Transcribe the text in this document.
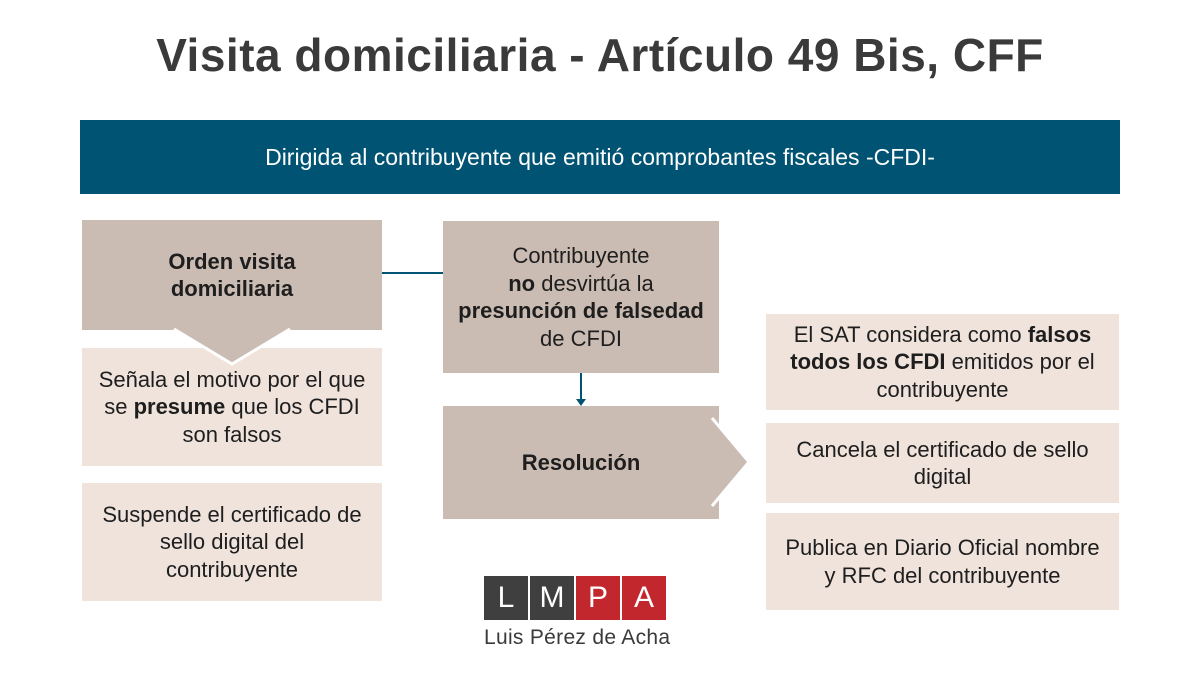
Visita domiciliaria - Artículo 49 Bis, CFF
Dirigida al contribuyente que emitió comprobantes fiscales -CFDI-
Orden visita domiciliaria
Señala el motivo por el que se presume que los CFDI son falsos
Suspende el certificado de sello digital del contribuyente
Contribuyente
no desvirtúa la
presunción de falsedad de CFDI
Resolución
El SAT considera como falsos todos los CFDI emitidos por el contribuyente
Cancela el certificado de sello digital
Publica en Diario Oficial nombre y RFC del contribuyente
L M P A
Luis Pérez de Acha
